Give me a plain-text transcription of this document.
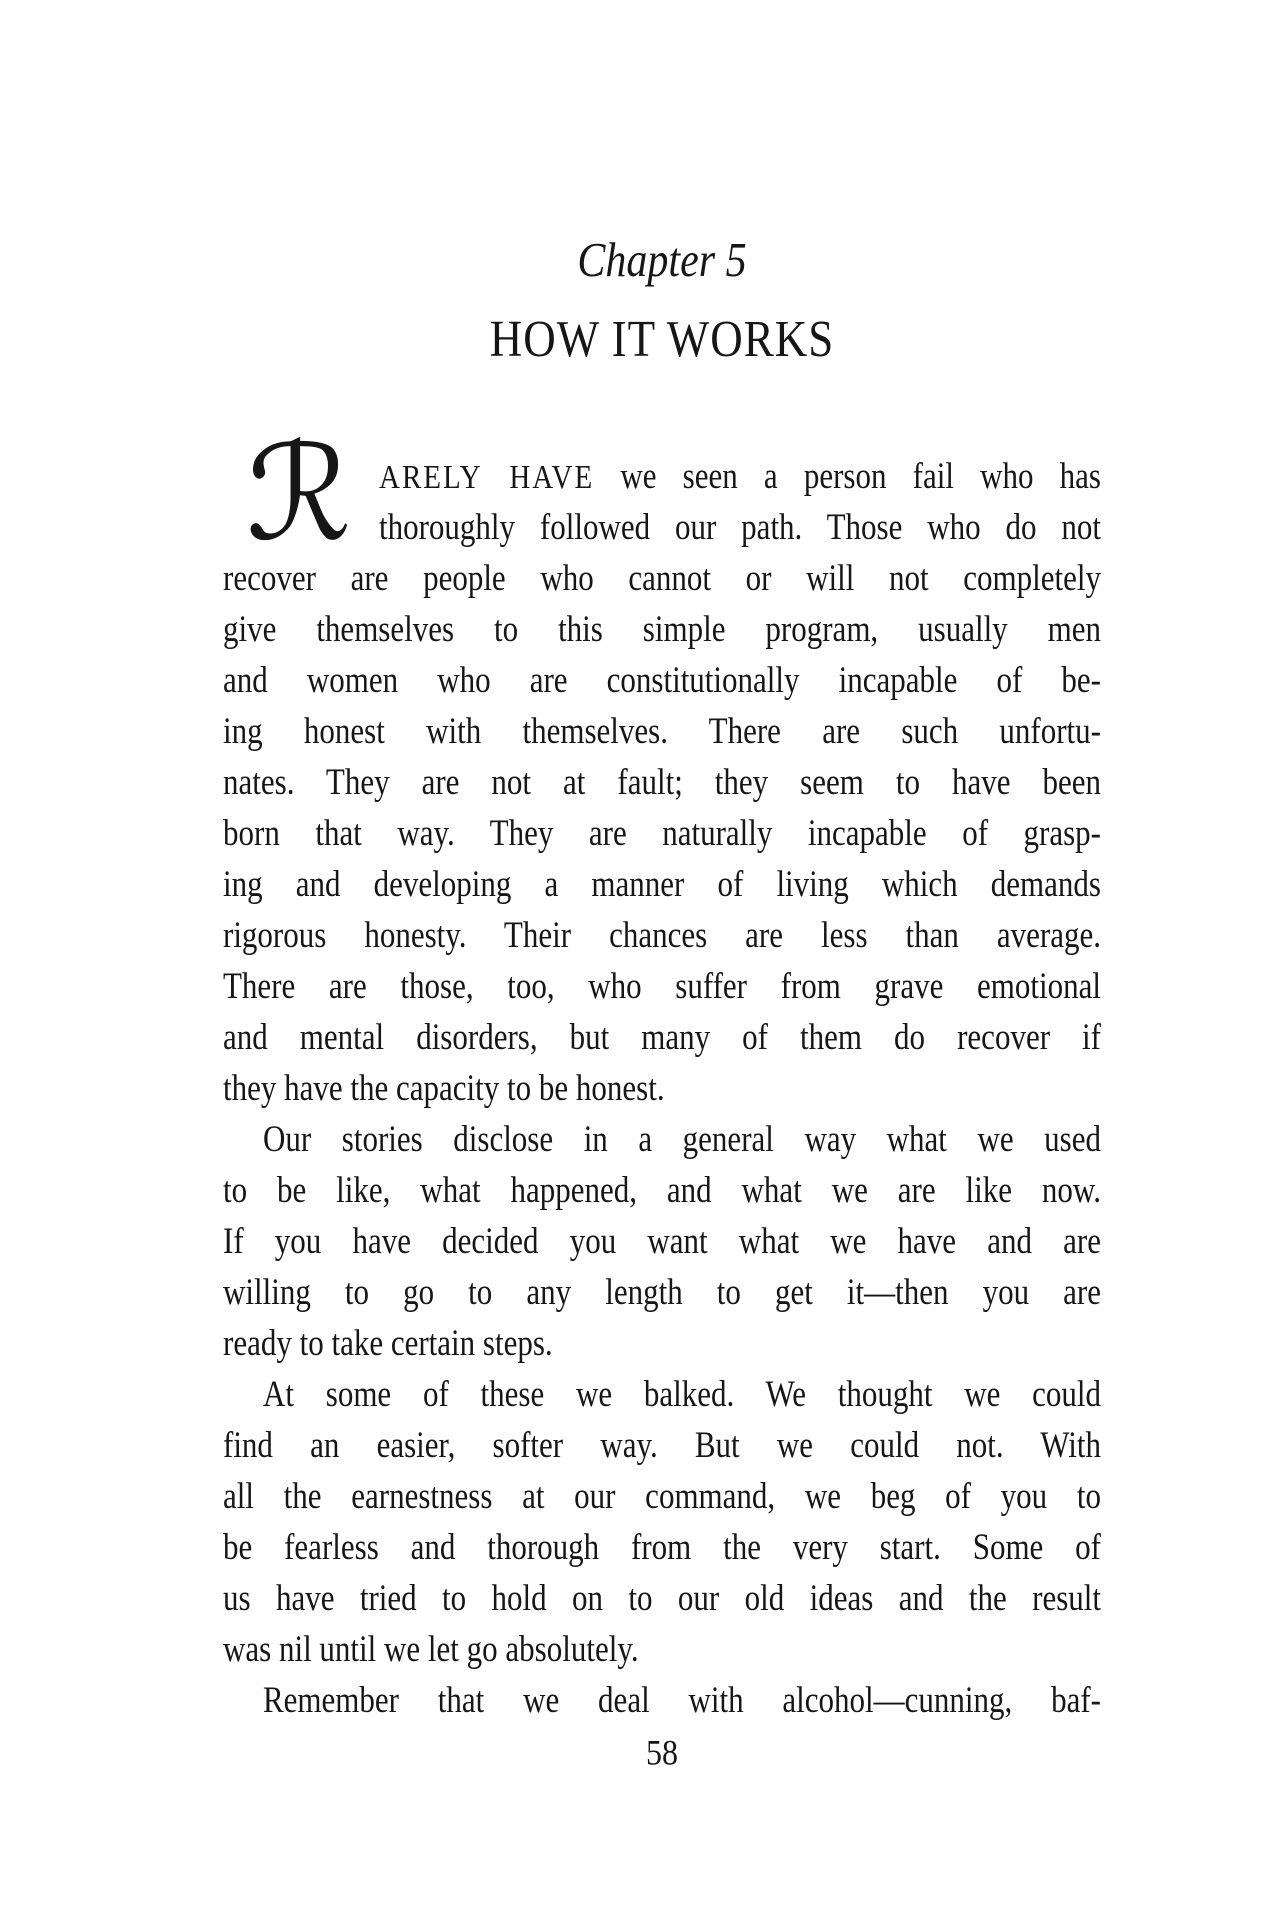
Chapter 5
HOW IT WORKS
ℛ ARELY HAVE we seen a person fail who has
thoroughly followed our path. Those who do not
recover are people who cannot or will not completely
give themselves to this simple program, usually men
and women who are constitutionally incapable of be-
ing honest with themselves. There are such unfortu-
nates. They are not at fault; they seem to have been
born that way. They are naturally incapable of grasp-
ing and developing a manner of living which demands
rigorous honesty. Their chances are less than average.
There are those, too, who suffer from grave emotional
and mental disorders, but many of them do recover if
they have the capacity to be honest.
Our stories disclose in a general way what we used
to be like, what happened, and what we are like now.
If you have decided you want what we have and are
willing to go to any length to get it—then you are
ready to take certain steps.
At some of these we balked. We thought we could
find an easier, softer way. But we could not. With
all the earnestness at our command, we beg of you to
be fearless and thorough from the very start. Some of
us have tried to hold on to our old ideas and the result
was nil until we let go absolutely.
Remember that we deal with alcohol—cunning, baf-
58
